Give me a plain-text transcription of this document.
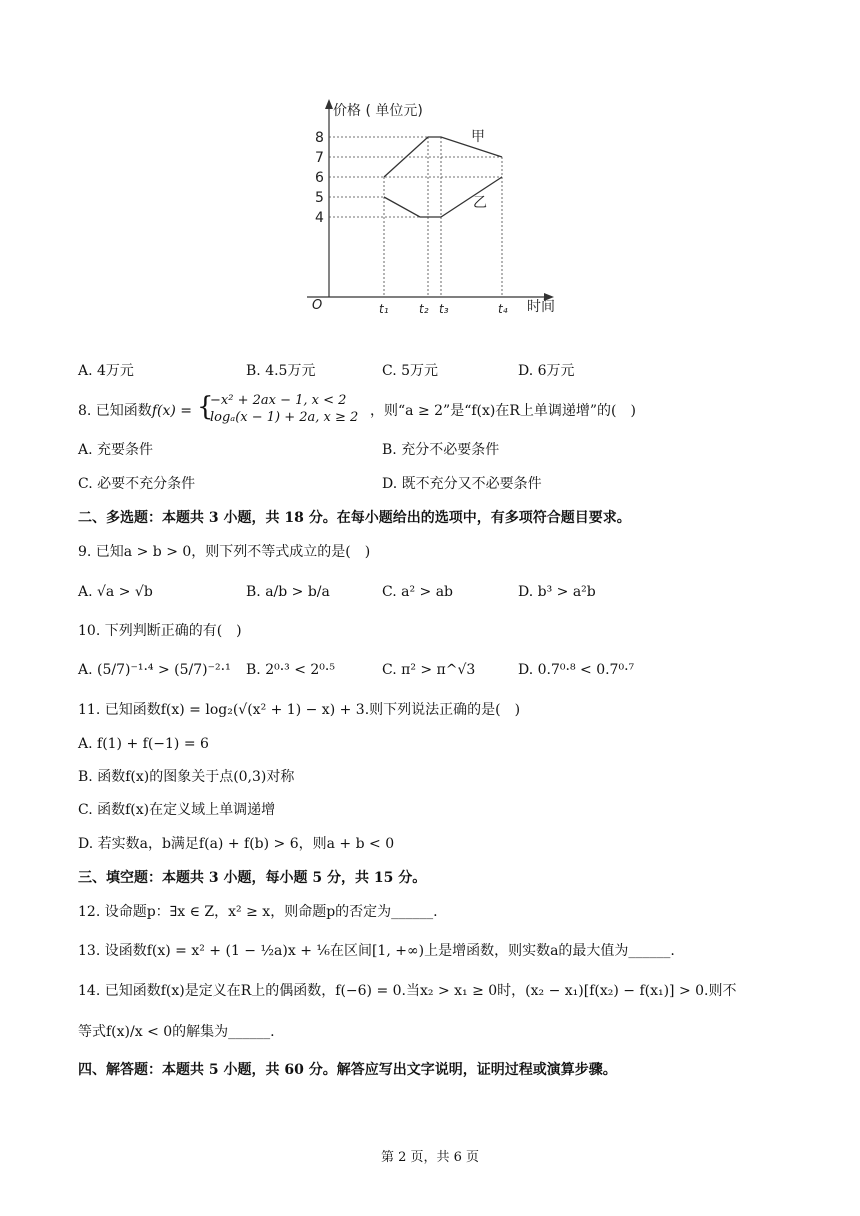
价格 ( 单位元)
时间
O
8
7
6
5
4
t₁	t₂ t₃	t₄
甲
乙
A. 4万元	B. 4.5万元	C. 5万元	D. 6万元
8. 已知函数f(x) = {
−x² + 2ax − 1, x < 2
logₐ(x − 1) + 2a, x ≥ 2 ，则“a ≥ 2”是“f(x)在R上单调递增”的(　)
A. 充要条件	B. 充分不必要条件
C. 必要不充分条件	D. 既不充分又不必要条件
二、多选题：本题共 3 小题，共 18 分。在每小题给出的选项中，有多项符合题目要求。
9. 已知a > b > 0，则下列不等式成立的是(　)
A. √a > √b	B. a/b > b/a	C. a² > ab	D. b³ > a²b
10. 下列判断正确的有(　)
A. (5/7)⁻¹·⁴ > (5/7)⁻²·¹ B. 2⁰·³ < 2⁰·⁵	C. π² > π^√3	D. 0.7⁰·⁸ < 0.7⁰·⁷
11. 已知函数f(x) = log₂(√(x² + 1) − x) + 3.则下列说法正确的是(　)
A. f(1) + f(−1) = 6
B. 函数f(x)的图象关于点(0,3)对称
C. 函数f(x)在定义域上单调递增
D. 若实数a，b满足f(a) + f(b) > 6，则a + b < 0
三、填空题：本题共 3 小题，每小题 5 分，共 15 分。
12. 设命题p：∃x ∈ Z，x² ≥ x，则命题p的否定为______.
13. 设函数f(x) = x² + (1 − ½a)x + ⅙在区间[1, +∞)上是增函数，则实数a的最大值为______.
14. 已知函数f(x)是定义在R上的偶函数，f(−6) = 0.当x₂ > x₁ ≥ 0时，(x₂ − x₁)[f(x₂) − f(x₁)] > 0.则不
等式f(x)/x < 0的解集为______.
四、解答题：本题共 5 小题，共 60 分。解答应写出文字说明，证明过程或演算步骤。
第 2 页，共 6 页
